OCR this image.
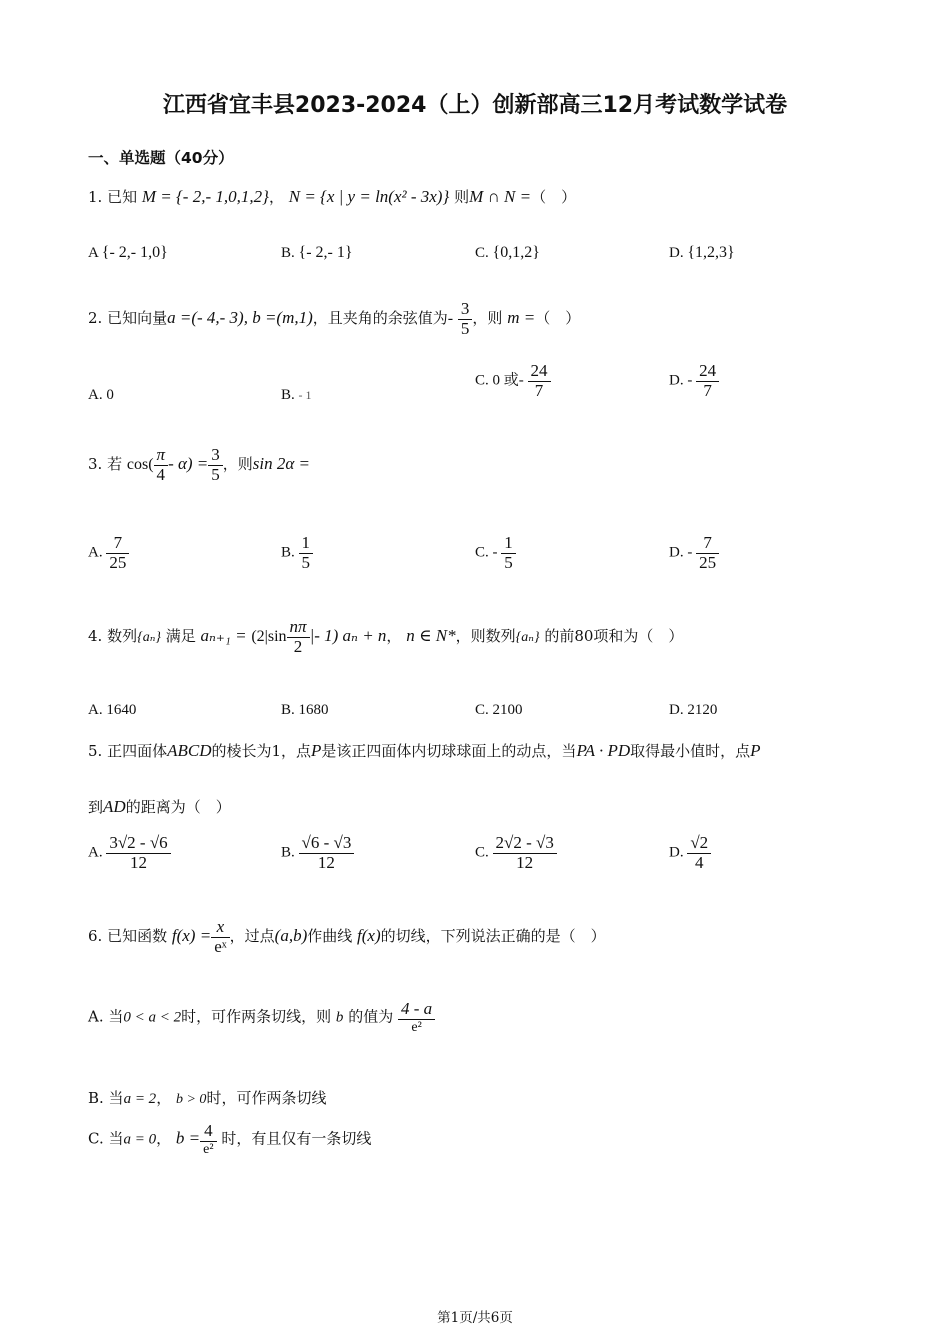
江西省宜丰县2023-2024（上）创新部高三12月考试数学试卷
一、单选题（40分）
1. 已知 M = {- 2,- 1,0,1,2}， N = {x | y = ln(x² - 3x)} 则M ∩ N =（　）
A {- 2,- 1,0}	B. {- 2,- 1}	C. {0,1,2}	D. {1,2,3}
2. 已知向量a =(- 4,- 3), b =(m,1)，且夹角的余弦值为- $\frac{3}{5}$ ，则 m =（　）
A. 0	B. - 1
C. 0 或- $\frac{24}{7}$	D. - $\frac{24}{7}$
3. 若 $\cos( \frac{\pi}{4} - \alpha) = \frac{3}{5}$ ，则sin 2α =
A. $\frac{7}{25}$	B. $\frac{1}{5}$	C. - $\frac{1}{5}$	D. - $\frac{7}{25}$
4. 数列{aₙ} 满足 $a_{n+1} = (2|\sin \frac{n\pi}{2}$ |- 1) aₙ + n， n ∈ N*，则数列{aₙ} 的前80项和为（　）
A. 1640	B. 1680	C. 2100	D. 2120
5. 正四面体ABCD的棱长为1，点P是该正四面体内切球球面上的动点，当PA · PD取得最小值时，点P
到AD的距离为（　）
A. $\frac{3√2 - √6}{12}$	B. $\frac{√6 - √3}{12}$	C. $\frac{2√2 - √3}{12}$	D. $\frac{√2}{4}$
6. 已知函数 $f(x) = \frac{x}{\text{eˣ}}$ ，过点(a,b)作曲线 f(x)的切线，下列说法正确的是（　）
A. 当0 < a < 2时，可作两条切线，则 b 的值为 $\frac{4 - a}{\text{e²}}$
B. 当a = 2， b > 0时，可作两条切线
C. 当a = 0， $b = \frac{4}{\text{e²}}$ 时，有且仅有一条切线
第1页/共6页
